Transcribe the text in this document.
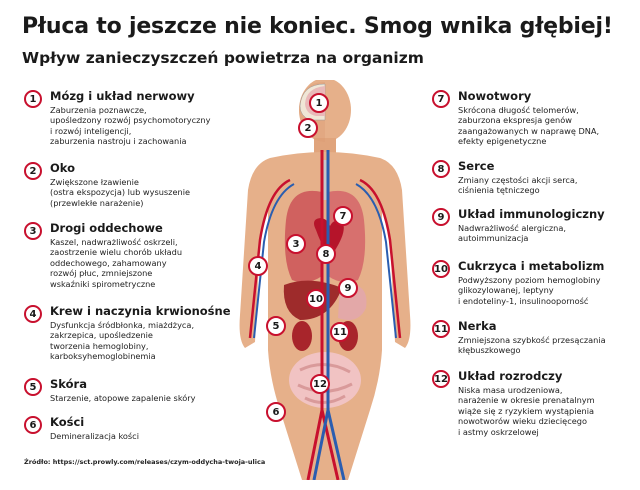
Płuca to jeszcze nie koniec. Smog wnika głębiej!
Wpływ zanieczyszczeń powietrza na organizm
1	Mózg i układ nerwowy
Zaburzenia poznawcze,
upośledzony rozwój psychomotoryczny
i rozwój inteligencji,
zaburzenia nastroju i zachowania
2	Oko
Zwiększone łzawienie
(ostra ekspozycja) lub wysuszenie
(przewlekłe narażenie)
3	Drogi oddechowe
Kaszel, nadwrażliwość oskrzeli,
zaostrzenie wielu chorób układu
oddechowego, zahamowany
rozwój płuc, zmniejszone
wskaźniki spirometryczne
4	Krew i naczynia krwionośne
Dysfunkcja śródbłonka, miażdżyca,
zakrzepica, upośledzenie
tworzenia hemoglobiny,
karboksyhemoglobinemia
5	Skóra
Starzenie, atopowe zapalenie skóry
6	Kości
Demineralizacja kości
7	Nowotwory
Skrócona długość telomerów,
zaburzona ekspresja genów
zaangażowanych w naprawę DNA,
efekty epigenetyczne
8	Serce
Zmiany częstości akcji serca,
ciśnienia tętniczego
9	Układ immunologiczny
Nadwrażliwość alergiczna,
autoimmunizacja
10 Cukrzyca i metabolizm
Podwyższony poziom hemoglobiny
glikozylowanej, leptyny
i endoteliny-1, insulinooporność
11 Nerka
Zmniejszona szybkość przesączania
kłębuszkowego
12 Układ rozrodczy
Niska masa urodzeniowa,
narażenie w okresie prenatalnym
wiąże się z ryzykiem wystąpienia
nowotworów wieku dziecięcego
i astmy oskrzelowej
1
2
3
4
5
6
7
8
9
10
11
12
Źródło: https://sct.prowly.com/releases/czym-oddycha-twoja-ulica
